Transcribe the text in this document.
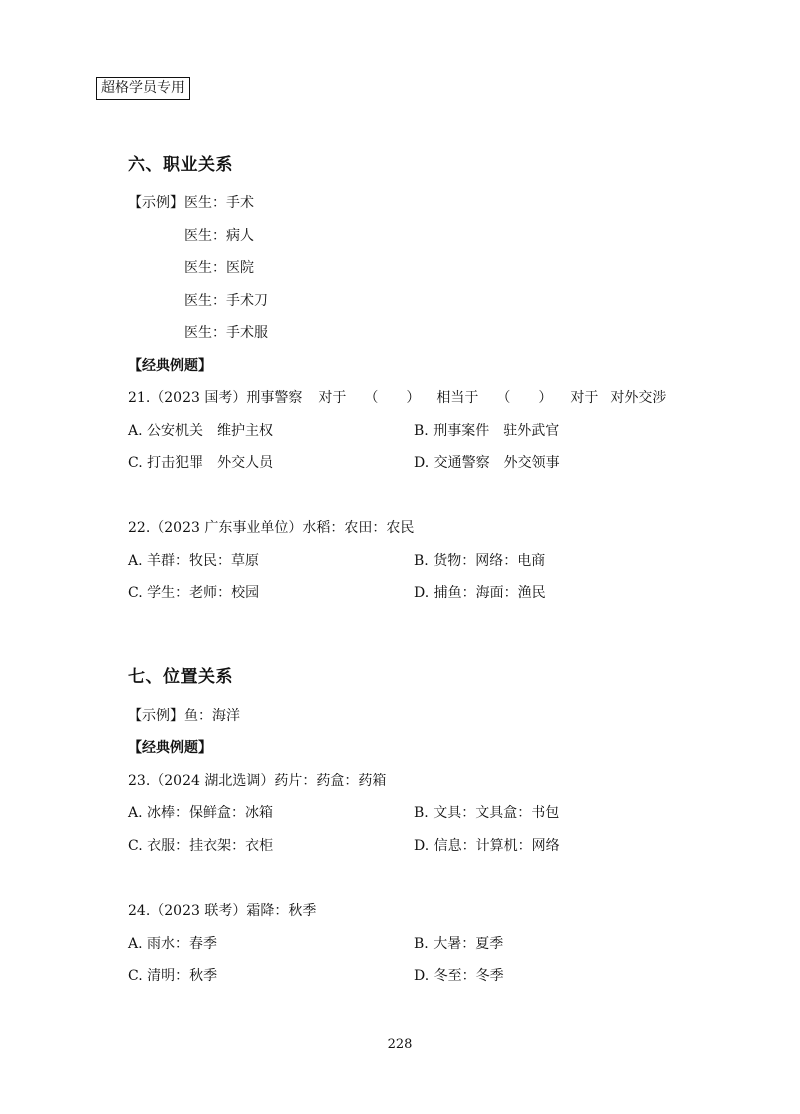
超格学员专用
六、职业关系
【示例】医生：手术
医生：病人
医生：医院
医生：手术刀
医生：手术服
【经典例题】
21.（2023 国考）刑事警察 对于 （ ） 相当于 （ ） 对于 对外交涉
A. 公安机关　维护主权	B. 刑事案件　驻外武官
C. 打击犯罪　外交人员	D. 交通警察　外交领事
22.（2023 广东事业单位）水稻：农田：农民
A. 羊群：牧民：草原	B. 货物：网络：电商
C. 学生：老师：校园	D. 捕鱼：海面：渔民
七、位置关系
【示例】鱼：海洋
【经典例题】
23.（2024 湖北选调）药片：药盒：药箱
A. 冰棒：保鲜盒：冰箱	B. 文具：文具盒：书包
C. 衣服：挂衣架：衣柜	D. 信息：计算机：网络
24.（2023 联考）霜降：秋季
A. 雨水：春季	B. 大暑：夏季
C. 清明：秋季	D. 冬至：冬季
228
